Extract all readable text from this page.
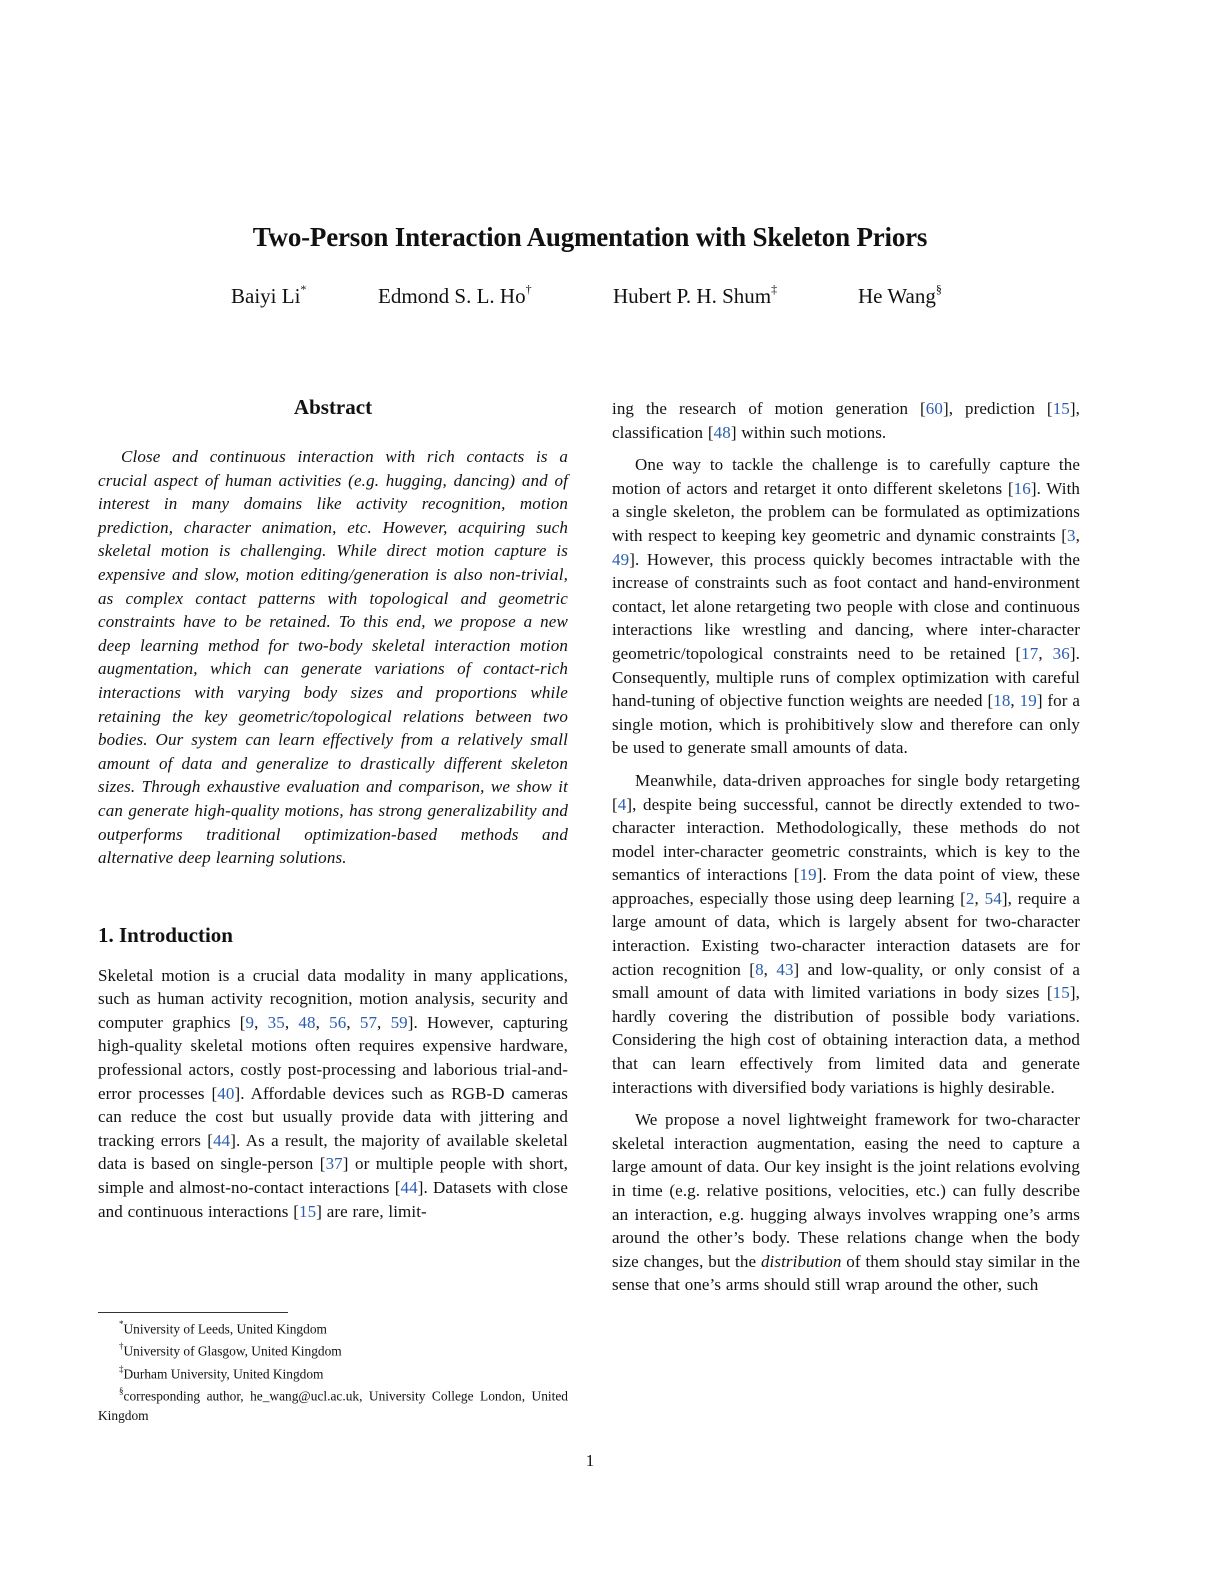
Two-Person Interaction Augmentation with Skeleton Priors
Baiyi Li*	Edmond S. L. Ho†	Hubert P. H. Shum‡	He Wang§
Abstract

Close and continuous interaction with rich contacts is a crucial aspect of human activities (e.g. hugging, dancing) and of interest in many domains like activity recognition, motion prediction, character animation, etc. However, acquiring such skeletal motion is challenging. While direct motion capture is expensive and slow, motion editing/generation is also non-trivial, as complex contact patterns with topological and geometric constraints have to be retained. To this end, we propose a new deep learning method for two-body skeletal interaction motion augmentation, which can generate variations of contact-rich interactions with varying body sizes and proportions while retaining the key geometric/topological relations between two bodies. Our system can learn effectively from a relatively small amount of data and generalize to drastically different skeleton sizes. Through exhaustive evaluation and comparison, we show it can generate high-quality motions, has strong generalizability and outperforms traditional optimization-based methods and alternative deep learning solutions.

1. Introduction

Skeletal motion is a crucial data modality in many applications, such as human activity recognition, motion analysis, security and computer graphics [9, 35, 48, 56, 57, 59]. However, capturing high-quality skeletal motions often requires expensive hardware, professional actors, costly post-processing and laborious trial-and-error processes [40]. Affordable devices such as RGB-D cameras can reduce the cost but usually provide data with jittering and tracking errors [44]. As a result, the majority of available skeletal data is based on single-person [37] or multiple people with short, simple and almost-no-contact interactions [44]. Datasets with close and continuous interactions [15] are rare, limit-

*University of Leeds, United Kingdom

†University of Glasgow, United Kingdom

‡Durham University, United Kingdom

§corresponding author, he_wang@ucl.ac.uk, University College London, United Kingdom

ing the research of motion generation [60], prediction [15], classification [48] within such motions.

One way to tackle the challenge is to carefully capture the motion of actors and retarget it onto different skeletons [16]. With a single skeleton, the problem can be formulated as optimizations with respect to keeping key geometric and dynamic constraints [3, 49]. However, this process quickly becomes intractable with the increase of constraints such as foot contact and hand-environment contact, let alone retargeting two people with close and continuous interactions like wrestling and dancing, where inter-character geometric/topological constraints need to be retained [17, 36]. Consequently, multiple runs of complex optimization with careful hand-tuning of objective function weights are needed [18, 19] for a single motion, which is prohibitively slow and therefore can only be used to generate small amounts of data.

Meanwhile, data-driven approaches for single body retargeting [4], despite being successful, cannot be directly extended to two-character interaction. Methodologically, these methods do not model inter-character geometric constraints, which is key to the semantics of interactions [19]. From the data point of view, these approaches, especially those using deep learning [2, 54], require a large amount of data, which is largely absent for two-character interaction. Existing two-character interaction datasets are for action recognition [8, 43] and low-quality, or only consist of a small amount of data with limited variations in body sizes [15], hardly covering the distribution of possible body variations. Considering the high cost of obtaining interaction data, a method that can learn effectively from limited data and generate interactions with diversified body variations is highly desirable.

We propose a novel lightweight framework for two-character skeletal interaction augmentation, easing the need to capture a large amount of data. Our key insight is the joint relations evolving in time (e.g. relative positions, velocities, etc.) can fully describe an interaction, e.g. hugging always involves wrapping one’s arms around the other’s body. These relations change when the body size changes, but the distribution of them should stay similar in the sense that one’s arms should still wrap around the other, such

1
